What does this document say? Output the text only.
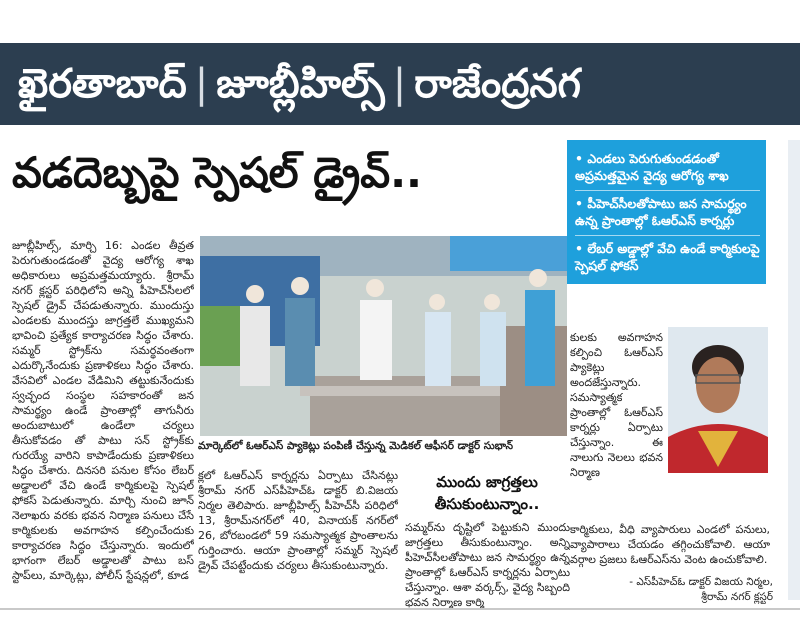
ఖైరతాబాద్ | జూబ్లీహిల్స్ | రాజేంద్రనగ
వడదెబ్బపై స్పెషల్ డ్రైవ్..
•	ఎండలు పెరుగుతుండడంతో అప్రమత్తమైన వైద్య ఆరోగ్య శాఖ
• పీహెచ్‌సీలతోపాటు జన సామర్థ్యం ఉన్న ప్రాంతాల్లో ఓఆర్‌ఎస్ కార్నర్లు
• లేబర్ అడ్డాల్లో వేచి ఉండే కార్మికులపై స్పెషల్ ఫోకస్
జూబ్లీహిల్స్, మార్చి 16: ఎండల తీవ్రత పెరుగుతుండడంతో వైద్య ఆరోగ్య శాఖ అధికారులు అప్రమత్తమయ్యారు. శ్రీరామ్ నగర్ క్లస్టర్ పరిధిలోని అన్ని పీహెచ్‌సీలలో స్పెషల్ డ్రైవ్ చేపడుతున్నారు. ముందుస్తు ఎండలకు ముందస్తు జాగ్రత్తలే ముఖ్యమని భావించి ప్రత్యేక కార్యాచరణ సిద్ధం చేశారు. సమ్మర్ స్ట్రోక్‌ను సమర్థవంతంగా ఎదుర్కొనేందుకు ప్రణాళికలు సిద్ధం చేశారు. వేసవిలో ఎండల వేడిమిని తట్టుకునేందుకు స్వచ్ఛంద సంస్థల సహకారంతో జన సామర్థ్యం ఉండే ప్రాంతాల్లో తాగునీరు అందుబాటులో ఉండేలా చర్యలు తీసుకోవడం తో పాటు సన్ స్ట్రోక్‌కు గురయ్యే వారిని కాపాడేందుకు ప్రణాళికలు సిద్ధం చేశారు. దినసరి పనుల కోసం లేబర్ అడ్డాలలో వేచి ఉండే కార్మికులపై స్పెషల్ ఫోకస్ పెడుతున్నారు. మార్చి నుంచి జూన్ నెలాఖరు వరకు భవన నిర్మాణ పనులు చేసే కార్మికులకు అవగాహన కల్పించేందుకు కార్యాచరణ సిద్ధం చేస్తున్నారు. ఇందులో భాగంగా లేబర్ అడ్డాలతో పాటు బస్ స్టాప్‌లు, మార్కెట్లు, పోలీస్ స్టేషన్లలో, కూడ
మార్కెట్‌లో ఓఆర్‌ఎస్ ప్యాకెట్లు పంపిణీ చేస్తున్న మెడికల్ ఆఫీసర్ డాక్టర్ సుభాన్
క్ల‌లో ఓఆర్‌ఎస్ కార్నర్లను ఏర్పాటు చేసినట్లు శ్రీరామ్ నగర్ ఎస్‌పీహెచ్‌ఓ డాక్టర్ బి.విజయ నిర్మల తెలిపారు. జూబ్లీహిల్స్ పీహెచ్‌సీ పరిధిలో 13, శ్రీరామ్‌నగర్‌లో 40, వినాయక్ నగర్‌లో 26, బోరబండలో 59 సమస్యాత్మక ప్రాంతాలను గుర్తించారు. ఆయా ప్రాంతాల్లో సమ్మర్ స్పెషల్ డ్రైవ్ చేపట్టేందుకు చర్యలు తీసుకుంటున్నారు.
ముందు జాగ్రత్తలు తీసుకుంటున్నాం..
సమ్మర్‌ను దృష్టిలో పెట్టుకుని ముందు జాగ్రత్తలు తీసుకుంటున్నాం. అన్ని పీహెచ్‌సీలతోపాటు జన సామర్థ్యం ఉన్న ప్రాంతాల్లో ఓఆర్‌ఎస్ కార్నర్లను ఏర్పాటు చేస్తున్నాం. ఆశా వర్కర్స్, వైద్య సిబ్బంది భవన నిర్మాణ కార్మి
కులకు అవగాహన కల్పించి ఓఆర్‌ఎస్ ప్యాకెట్లు అందజేస్తున్నారు. సమస్యాత్మక ప్రాంతాల్లో ఓఆర్‌ఎస్ కార్నర్లు ఏర్పాటు చేస్తున్నాం. ఈ నాలుగు నెలలు భవన నిర్మాణ
కార్మికులు, వీధి వ్యాపారులు ఎండలో పనులు, వ్యాపారాలు చేయడం తగ్గించుకోవాలి. ఆయా వర్గాల ప్రజలు ఓఆర్‌ఎస్‌ను వెంట ఉంచుకోవాలి.
- ఎస్‌పీహెచ్‌ఓ డాక్టర్ విజయ నిర్మల,
శ్రీరామ్ నగర్ క్లస్టర్
